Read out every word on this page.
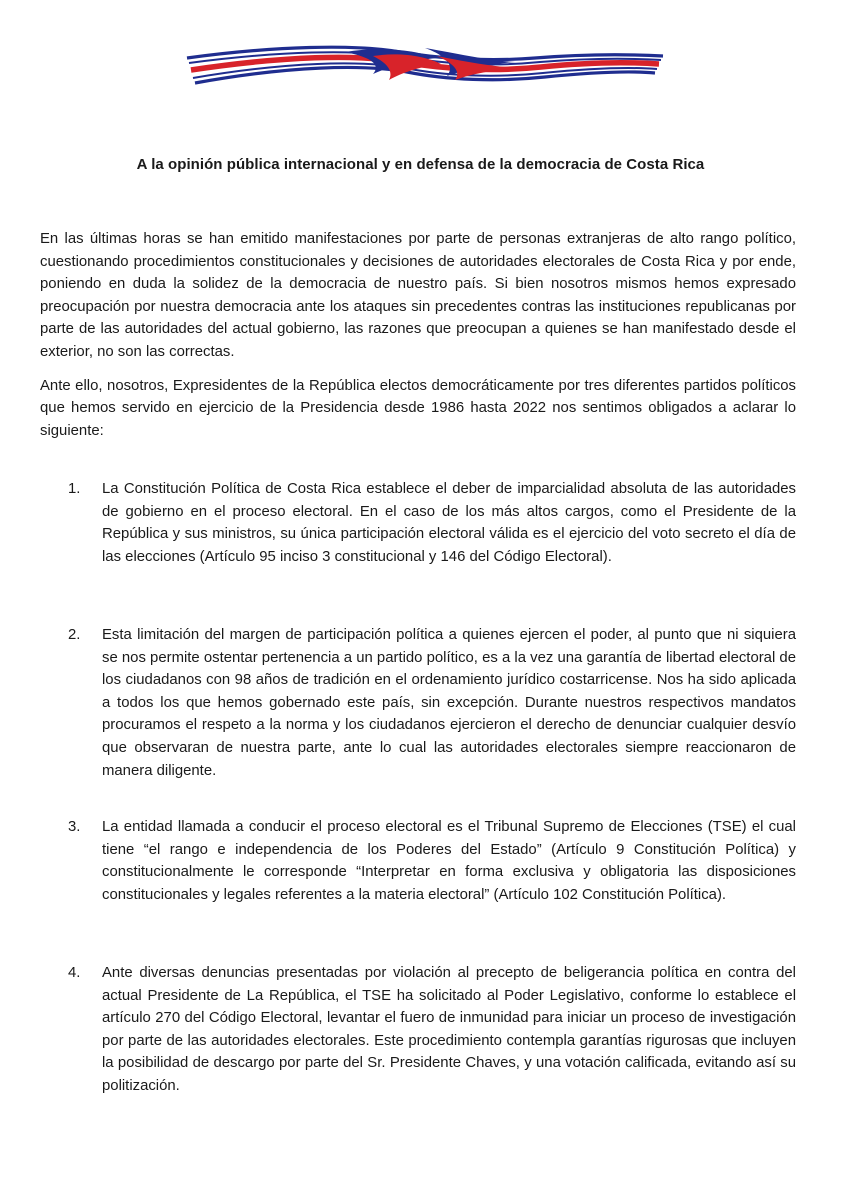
A la opinión pública internacional y en defensa de la democracia de Costa Rica

En las últimas horas se han emitido manifestaciones por parte de personas extranjeras de alto rango político, cuestionando procedimientos constitucionales y decisiones de autoridades electorales de Costa Rica y por ende, poniendo en duda la solidez de la democracia de nuestro país. Si bien nosotros mismos hemos expresado preocupación por nuestra democracia ante los ataques sin precedentes contras las instituciones republicanas por parte de las autoridades del actual gobierno, las razones que preocupan a quienes se han manifestado desde el exterior, no son las correctas.

Ante ello, nosotros, Expresidentes de la República electos democráticamente por tres diferentes partidos políticos que hemos servido en ejercicio de la Presidencia desde 1986 hasta 2022 nos sentimos obligados a aclarar lo siguiente:

1.	La Constitución Política de Costa Rica establece el deber de imparcialidad absoluta de las autoridades de gobierno en el proceso electoral. En el caso de los más altos cargos, como el Presidente de la República y sus ministros, su única participación electoral válida es el ejercicio del voto secreto el día de las elecciones (Artículo 95 inciso 3 constitucional y 146 del Código Electoral).
2.	Esta limitación del margen de participación política a quienes ejercen el poder, al punto que ni siquiera se nos permite ostentar pertenencia a un partido político, es a la vez una garantía de libertad electoral de los ciudadanos con 98 años de tradición en el ordenamiento jurídico costarricense. Nos ha sido aplicada a todos los que hemos gobernado este país, sin excepción. Durante nuestros respectivos mandatos procuramos el respeto a la norma y los ciudadanos ejercieron el derecho de denunciar cualquier desvío que observaran de nuestra parte, ante lo cual las autoridades electorales siempre reaccionaron de manera diligente.
3.	La entidad llamada a conducir el proceso electoral es el Tribunal Supremo de Elecciones (TSE) el cual tiene “el rango e independencia de los Poderes del Estado” (Artículo 9 Constitución Política) y constitucionalmente le corresponde “Interpretar en forma exclusiva y obligatoria las disposiciones constitucionales y legales referentes a la materia electoral” (Artículo 102 Constitución Política).
4.	Ante diversas denuncias presentadas por violación al precepto de beligerancia política en contra del actual Presidente de La República, el TSE ha solicitado al Poder Legislativo, conforme lo establece el artículo 270 del Código Electoral, levantar el fuero de inmunidad para iniciar un proceso de investigación por parte de las autoridades electorales. Este procedimiento contempla garantías rigurosas que incluyen la posibilidad de descargo por parte del Sr. Presidente Chaves, y una votación calificada, evitando así su politización.
